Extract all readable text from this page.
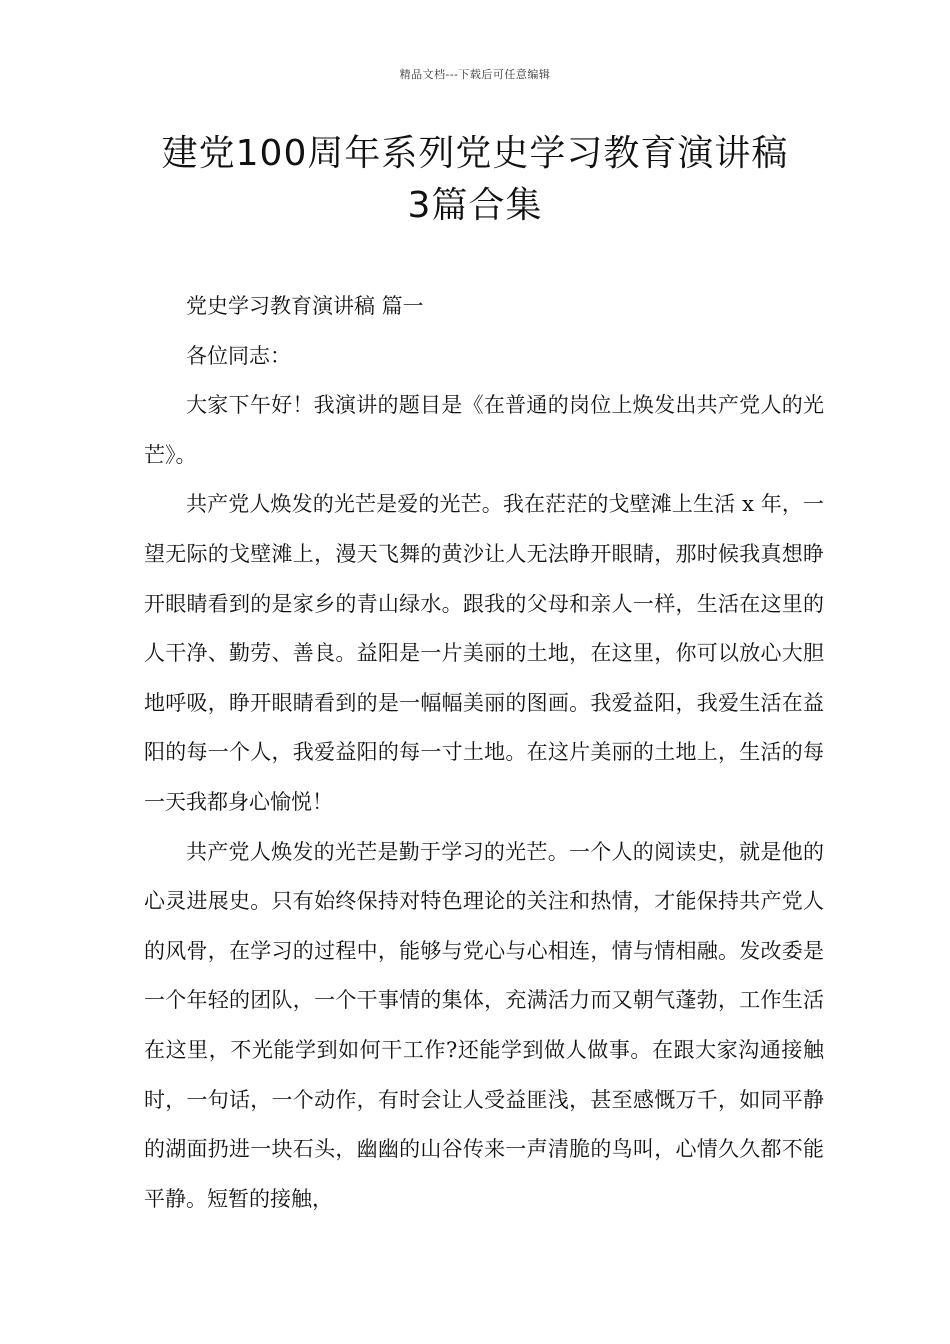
精品文档---下载后可任意编辑
建党100周年系列党史学习教育演讲稿
3篇合集

党史学习教育演讲稿 篇一

各位同志：

大家下午好！我演讲的题目是《在普通的岗位上焕发出共产党人的光芒》。

共产党人焕发的光芒是爱的光芒。我在茫茫的戈壁滩上生活 x 年，一望无际的戈壁滩上，漫天飞舞的黄沙让人无法睁开眼睛，那时候我真想睁开眼睛看到的是家乡的青山绿水。跟我的父母和亲人一样，生活在这里的人干净、勤劳、善良。益阳是一片美丽的土地，在这里，你可以放心大胆地呼吸，睁开眼睛看到的是一幅幅美丽的图画。我爱益阳，我爱生活在益阳的每一个人，我爱益阳的每一寸土地。在这片美丽的土地上，生活的每一天我都身心愉悦！

共产党人焕发的光芒是勤于学习的光芒。一个人的阅读史，就是他的心灵进展史。只有始终保持对特色理论的关注和热情，才能保持共产党人的风骨，在学习的过程中，能够与党心与心相连，情与情相融。发改委是一个年轻的团队，一个干事情的集体，充满活力而又朝气蓬勃，工作生活在这里，不光能学到如何干工作?还能学到做人做事。在跟大家沟通接触时，一句话，一个动作，有时会让人受益匪浅，甚至感慨万千，如同平静的湖面扔进一块石头，幽幽的山谷传来一声清脆的鸟叫，心情久久都不能平静。短暂的接触，
